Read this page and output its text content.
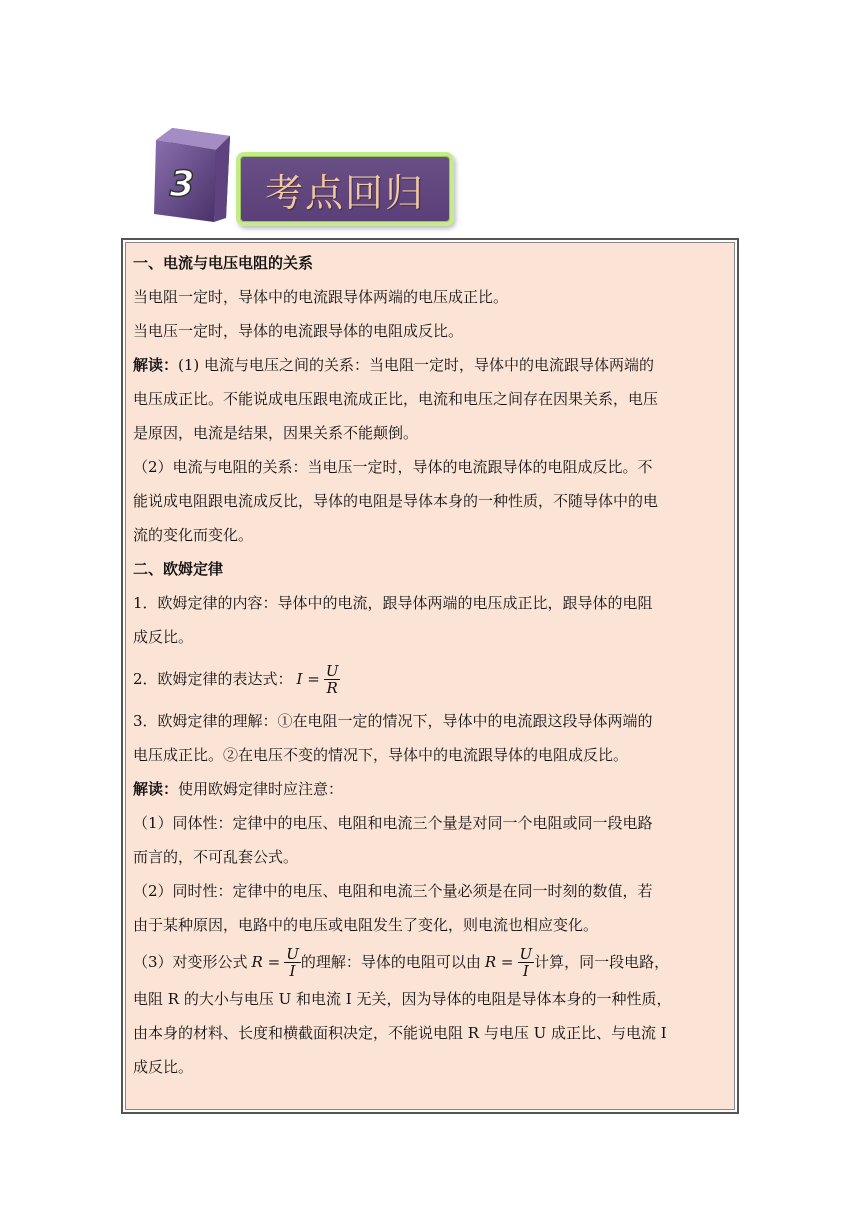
3 考点回归
一、电流与电压电阻的关系
当电阻一定时，导体中的电流跟导体两端的电压成正比。
当电压一定时，导体的电流跟导体的电阻成反比。
解读：(1) 电流与电压之间的关系：当电阻一定时，导体中的电流跟导体两端的
电压成正比。不能说成电压跟电流成正比，电流和电压之间存在因果关系，电压
是原因，电流是结果，因果关系不能颠倒。
（2）电流与电阻的关系：当电压一定时，导体的电流跟导体的电阻成反比。不
能说成电阻跟电流成反比，导体的电阻是导体本身的一种性质，不随导体中的电
流的变化而变化。
二、欧姆定律
1．欧姆定律的内容：导体中的电流，跟导体两端的电压成正比，跟导体的电阻
成反比。
2．欧姆定律的表达式： $I = \frac{U}{R}$
3．欧姆定律的理解：①在电阻一定的情况下，导体中的电流跟这段导体两端的
电压成正比。②在电压不变的情况下，导体中的电流跟导体的电阻成反比。
解读：使用欧姆定律时应注意：
（1）同体性：定律中的电压、电阻和电流三个量是对同一个电阻或同一段电路
而言的，不可乱套公式。
（2）同时性：定律中的电压、电阻和电流三个量必须是在同一时刻的数值，若
由于某种原因，电路中的电压或电阻发生了变化，则电流也相应变化。
（3）对变形公式 $R = \frac{U}{I}$ 的理解：导体的电阻可以由 $R = \frac{U}{I}$ 计算，同一段电路，
电阻 R 的大小与电压 U 和电流 I 无关，因为导体的电阻是导体本身的一种性质，
由本身的材料、长度和横截面积决定，不能说电阻 R 与电压 U 成正比、与电流 I
成反比。
